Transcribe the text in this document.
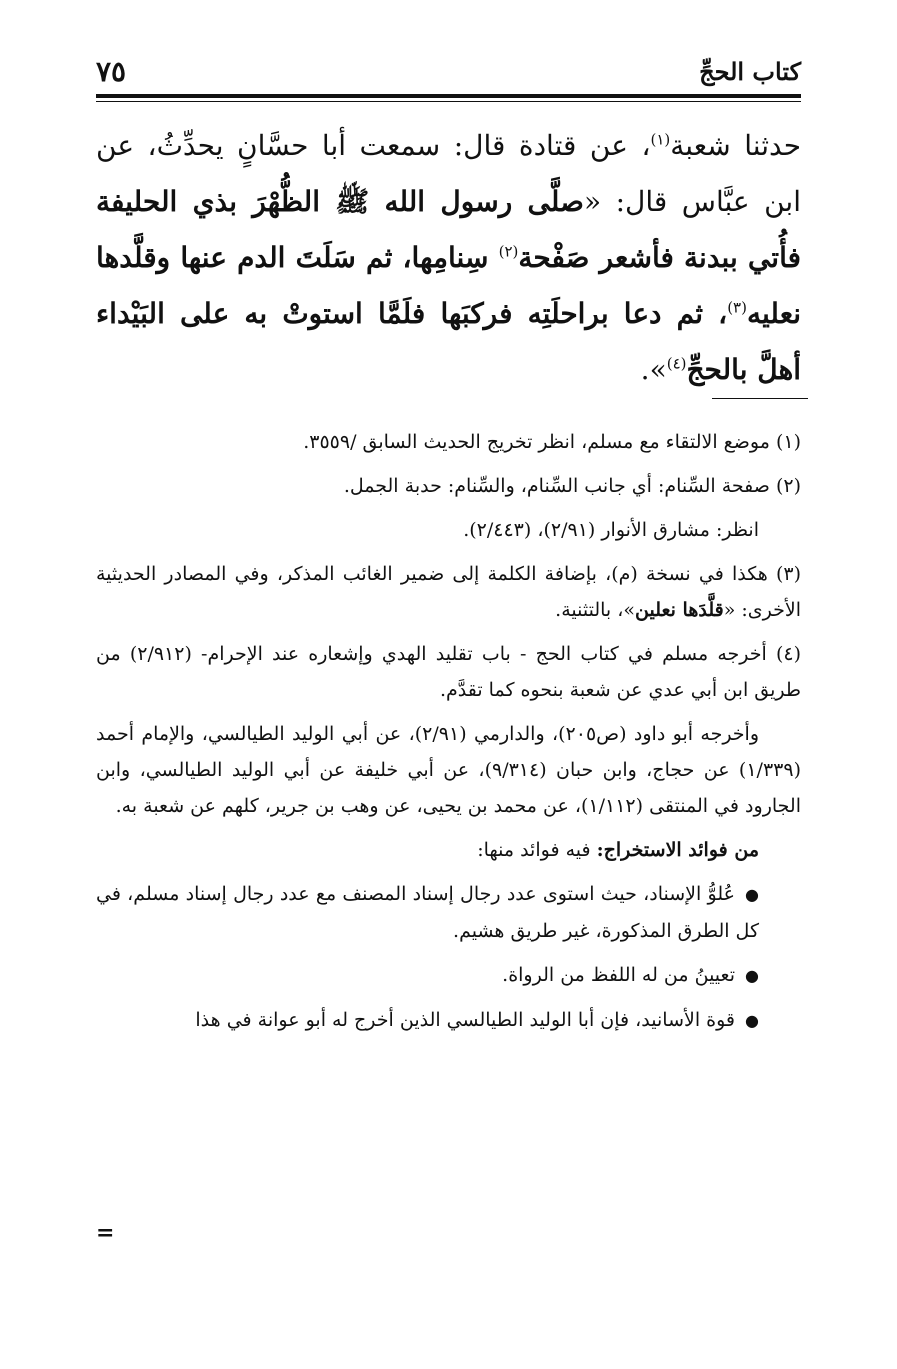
٧٥	كتاب الحجِّ

حدثنا شعبة$^{(١)}$، عن قتادة قال: سمعت أبا حسَّانٍ يحدِّثُ، عن ابن عبَّاس قال: «صلَّى رسول الله ﷺ الظُّهْرَ بذي الحليفة فأُتي ببدنة فأشعر صَفْحة$^{(٢)}$ سِنامِها، ثم سَلَتَ الدم عنها وقلَّدها نعليه$^{(٣)}$، ثم دعا براحلَتِه فركبَها فلَمَّا استوتْ به على البَيْداء أهلَّ بالحجِّ$^{(٤)}$».

(١) موضع الالتقاء مع مسلم، انظر تخريج الحديث السابق /٣٥٥٩.

(٢) صفحة السِّنام: أي جانب السِّنام، والسِّنام: حدبة الجمل.

انظر: مشارق الأنوار (٢/٩١)، (٢/٤٤٣).

(٣) هكذا في نسخة (م)، بإضافة الكلمة إلى ضمير الغائب المذكر، وفي المصادر الحديثية الأخرى: «قلَّدَها نعلين»، بالتثنية.

(٤) أخرجه مسلم في كتاب الحج - باب تقليد الهدي وإشعاره عند الإحرام- (٢/٩١٢) من طريق ابن أبي عدي عن شعبة بنحوه كما تقدَّم.

وأخرجه أبو داود (ص٢٠٥)، والدارمي (٢/٩١)، عن أبي الوليد الطيالسي، والإمام أحمد (١/٣٣٩) عن حجاج، وابن حبان (٩/٣١٤)، عن أبي خليفة عن أبي الوليد الطيالسي، وابن الجارود في المنتقى (١/١١٢)، عن محمد بن يحيى، عن وهب بن جرير، كلهم عن شعبة به.

من فوائد الاستخراج: فيه فوائد منها:

●عُلوُّ الإسناد، حيث استوى عدد رجال إسناد المصنف مع عدد رجال إسناد مسلم، في كل الطرق المذكورة، غير طريق هشيم.

●تعيينُ من له اللفظ من الرواة.

●قوة الأسانيد، فإن أبا الوليد الطيالسي الذين أخرج له أبو عوانة في هذا

=
